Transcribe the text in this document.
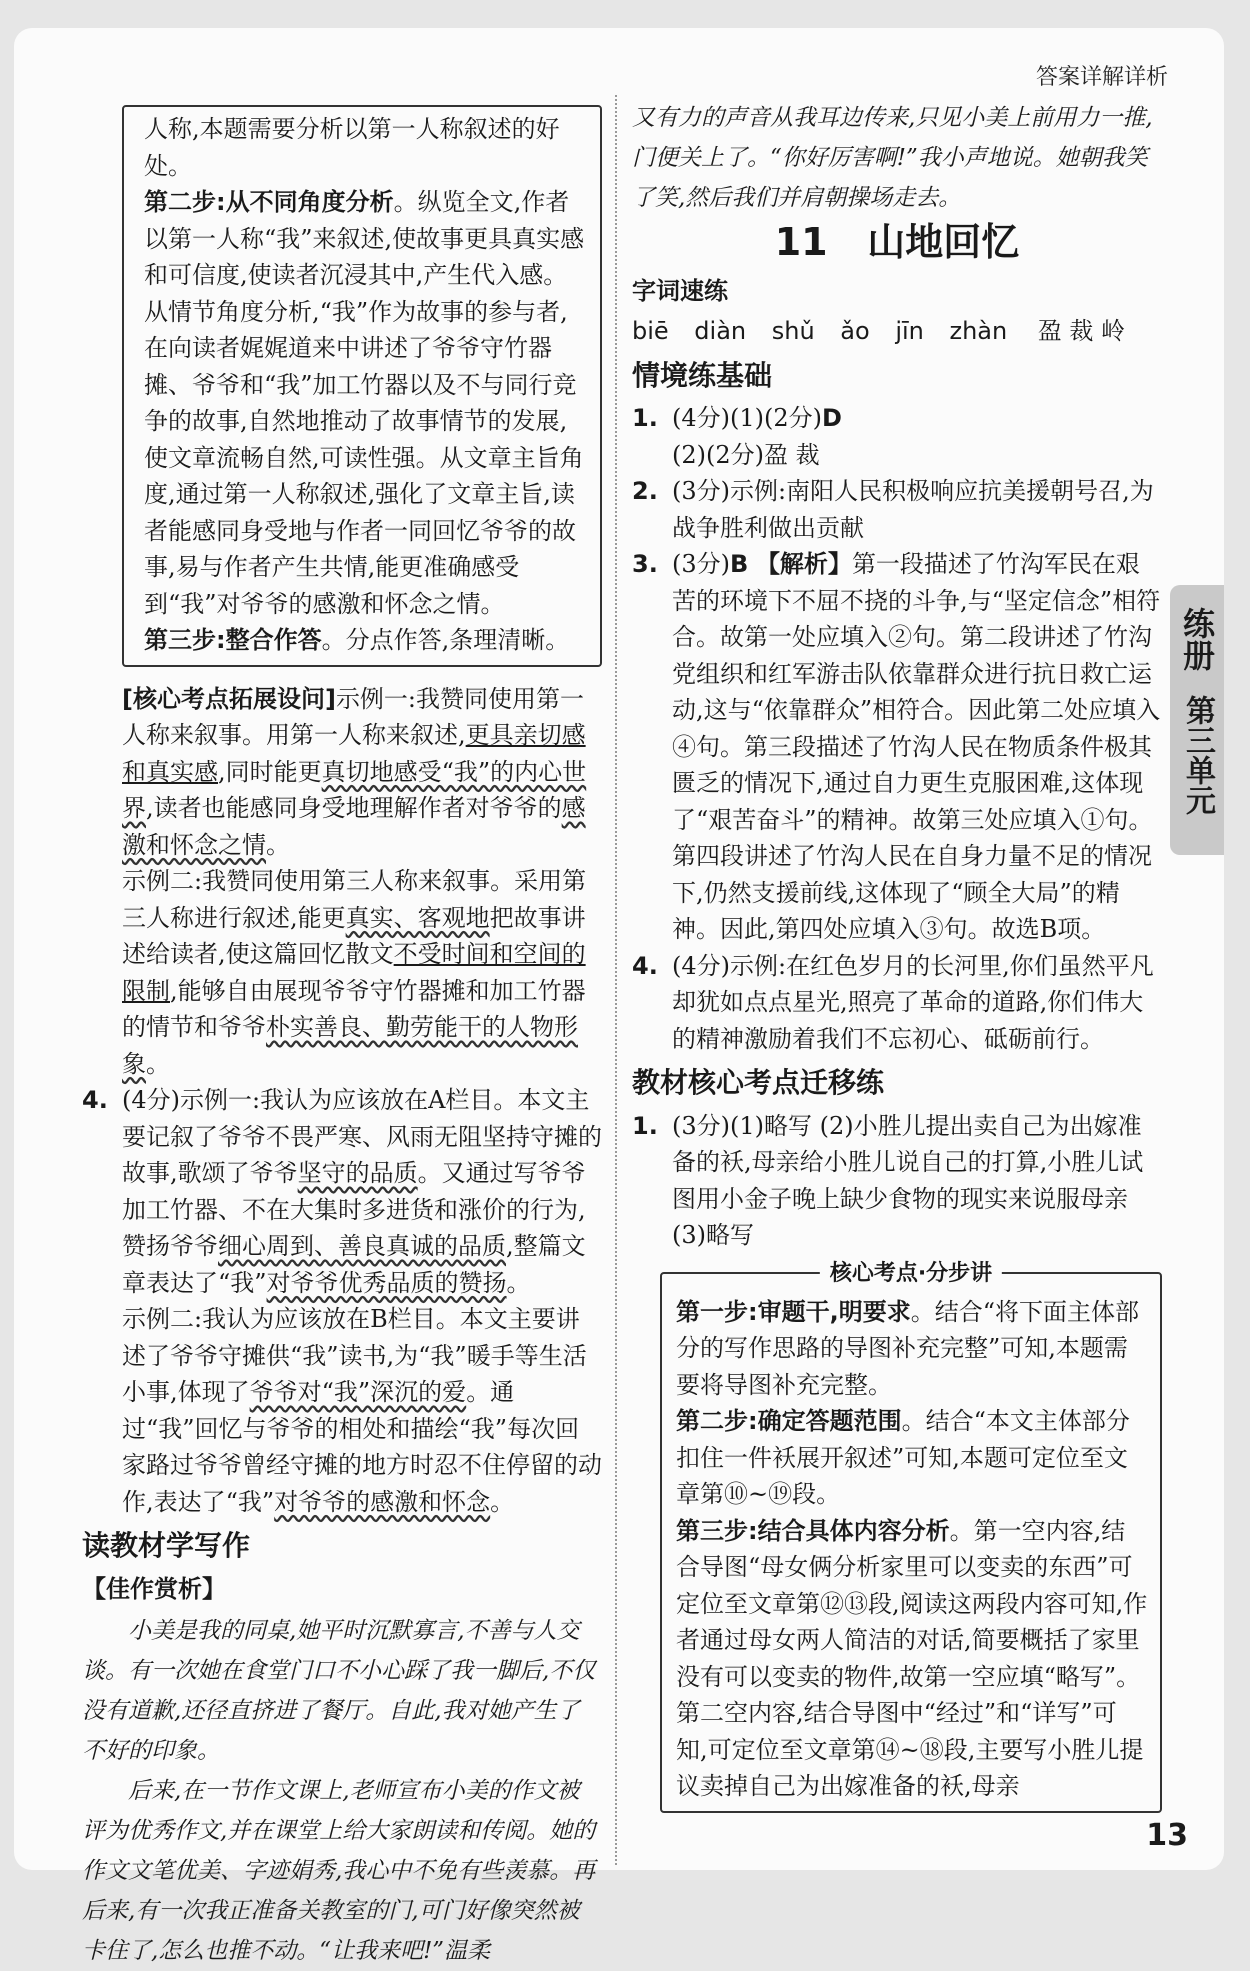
答案详解详析
练册
第三单元

人称,本题需要分析以第一人称叙述的好处。

第二步:从不同角度分析。纵览全文,作者以第一人称“我”来叙述,使故事更具真实感和可信度,使读者沉浸其中,产生代入感。从情节角度分析,“我”作为故事的参与者,在向读者娓娓道来中讲述了爷爷守竹器摊、爷爷和“我”加工竹器以及不与同行竞争的故事,自然地推动了故事情节的发展,使文章流畅自然,可读性强。从文章主旨角度,通过第一人称叙述,强化了文章主旨,读者能感同身受地与作者一同回忆爷爷的故事,易与作者产生共情,能更准确感受到“我”对爷爷的感激和怀念之情。

第三步:整合作答。分点作答,条理清晰。

[核心考点拓展设问]示例一:我赞同使用第一人称来叙事。用第一人称来叙述,更具亲切感和真实感,同时能更真切地感受“我”的内心世界,读者也能感同身受地理解作者对爷爷的感激和怀念之情。

示例二:我赞同使用第三人称来叙事。采用第三人称进行叙述,能更真实、客观地把故事讲述给读者,使这篇回忆散文不受时间和空间的限制,能够自由展现爷爷守竹器摊和加工竹器的情节和爷爷朴实善良、勤劳能干的人物形象。

4. (4分)示例一:我认为应该放在A栏目。本文主要记叙了爷爷不畏严寒、风雨无阻坚持守摊的故事,歌颂了爷爷坚守的品质。又通过写爷爷加工竹器、不在大集时多进货和涨价的行为,赞扬爷爷细心周到、善良真诚的品质,整篇文章表达了“我”对爷爷优秀品质的赞扬。

示例二:我认为应该放在B栏目。本文主要讲述了爷爷守摊供“我”读书,为“我”暖手等生活小事,体现了爷爷对“我”深沉的爱。通过“我”回忆与爷爷的相处和描绘“我”每次回家路过爷爷曾经守摊的地方时忍不住停留的动作,表达了“我”对爷爷的感激和怀念。

读教材学写作
【佳作赏析】

小美是我的同桌,她平时沉默寡言,不善与人交谈。有一次她在食堂门口不小心踩了我一脚后,不仅没有道歉,还径直挤进了餐厅。自此,我对她产生了不好的印象。

后来,在一节作文课上,老师宣布小美的作文被评为优秀作文,并在课堂上给大家朗读和传阅。她的作文文笔优美、字迹娟秀,我心中不免有些羡慕。再后来,有一次我正准备关教室的门,可门好像突然被卡住了,怎么也推不动。“让我来吧!”温柔

又有力的声音从我耳边传来,只见小美上前用力一推,门便关上了。“你好厉害啊!”我小声地说。她朝我笑了笑,然后我们并肩朝操场走去。

11 山地回忆
字词速练

biē diàn shǔ ǎo jīn zhàn 盈 裁 岭

情境练基础
1. (4分)(1)(2分)D

(2)(2分)盈 裁

2. (3分)示例:南阳人民积极响应抗美援朝号召,为战争胜利做出贡献

3. (3分)B 【解析】第一段描述了竹沟军民在艰苦的环境下不屈不挠的斗争,与“坚定信念”相符合。故第一处应填入②句。第二段讲述了竹沟党组织和红军游击队依靠群众进行抗日救亡运动,这与“依靠群众”相符合。因此第二处应填入④句。第三段描述了竹沟人民在物质条件极其匮乏的情况下,通过自力更生克服困难,这体现了“艰苦奋斗”的精神。故第三处应填入①句。第四段讲述了竹沟人民在自身力量不足的情况下,仍然支援前线,这体现了“顾全大局”的精神。因此,第四处应填入③句。故选B项。

4. (4分)示例:在红色岁月的长河里,你们虽然平凡却犹如点点星光,照亮了革命的道路,你们伟大的精神激励着我们不忘初心、砥砺前行。

教材核心考点迁移练
1. (3分)(1)略写 (2)小胜儿提出卖自己为出嫁准备的袄,母亲给小胜儿说自己的打算,小胜儿试图用小金子晚上缺少食物的现实来说服母亲 (3)略写

核心考点·分步讲

第一步:审题干,明要求。结合“将下面主体部分的写作思路的导图补充完整”可知,本题需要将导图补充完整。

第二步:确定答题范围。结合“本文主体部分扣住一件袄展开叙述”可知,本题可定位至文章第⑩~⑲段。

第三步:结合具体内容分析。第一空内容,结合导图“母女俩分析家里可以变卖的东西”可定位至文章第⑫⑬段,阅读这两段内容可知,作者通过母女两人简洁的对话,简要概括了家里没有可以变卖的物件,故第一空应填“略写”。第二空内容,结合导图中“经过”和“详写”可知,可定位至文章第⑭~⑱段,主要写小胜儿提议卖掉自己为出嫁准备的袄,母亲

13
